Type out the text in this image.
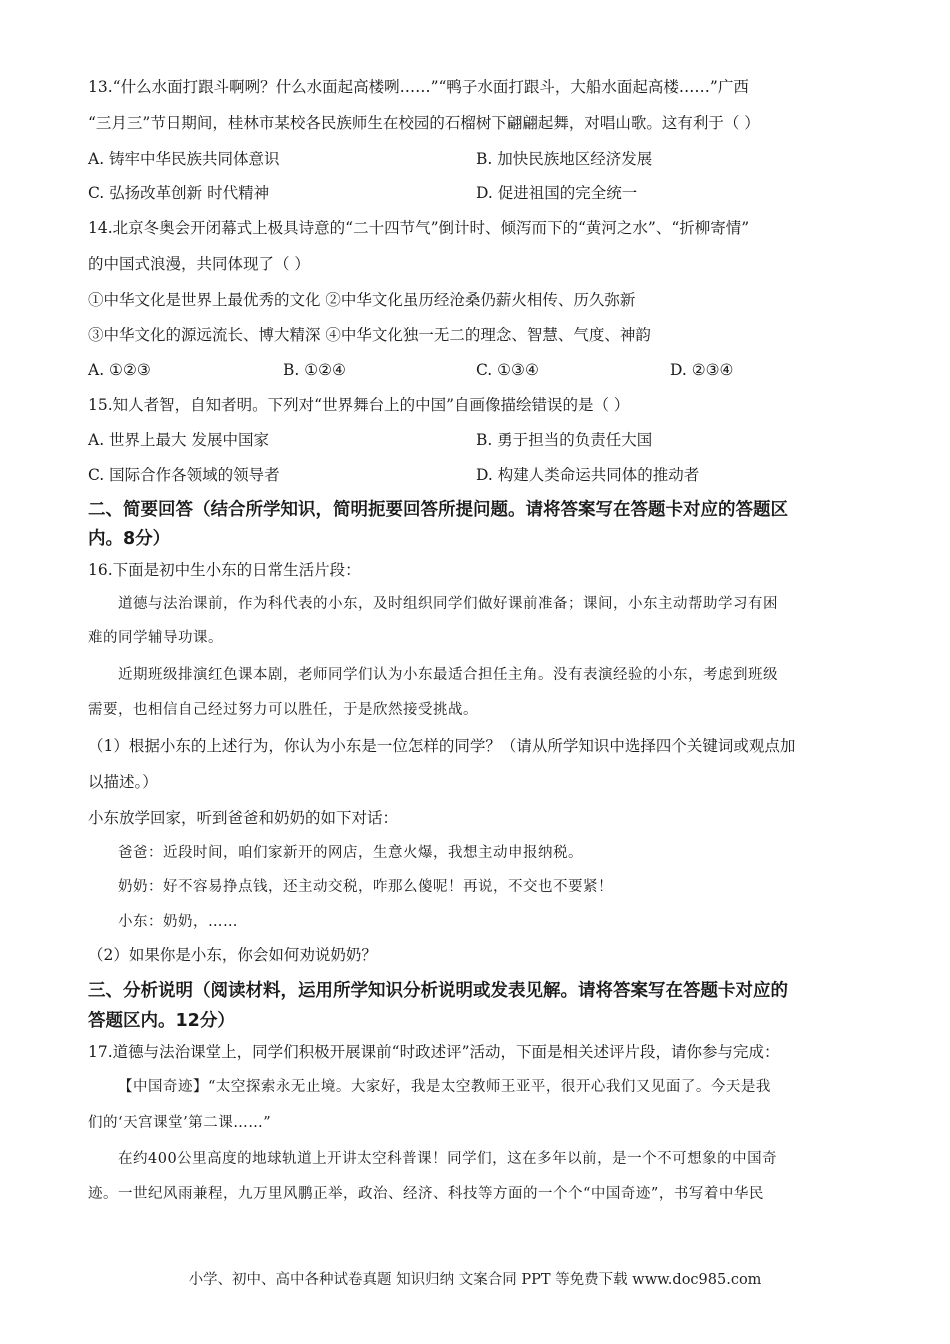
13.“什么水面打跟斗啊咧？什么水面起高楼咧……”“鸭子水面打跟斗，大船水面起高楼……”广西
“三月三”节日期间，桂林市某校各民族师生在校园的石榴树下翩翩起舞，对唱山歌。这有利于（ ）
A. 铸牢中华民族共同体意识	B. 加快民族地区经济发展
C. 弘扬改革创新 时代精神	D. 促进祖国的完全统一
14.北京冬奥会开闭幕式上极具诗意的“二十四节气”倒计时、倾泻而下的“黄河之水”、“折柳寄情”
的中国式浪漫，共同体现了（ ）
①中华文化是世界上最优秀的文化 ②中华文化虽历经沧桑仍薪火相传、历久弥新
③中华文化的源远流长、博大精深 ④中华文化独一无二的理念、智慧、气度、神韵
A. ①②③	B. ①②④	C. ①③④	D. ②③④
15.知人者智，自知者明。下列对“世界舞台上的中国”自画像描绘错误的是（ ）
A. 世界上最大 发展中国家	B. 勇于担当的负责任大国
C. 国际合作各领域的领导者	D. 构建人类命运共同体的推动者
二、简要回答（结合所学知识，简明扼要回答所提问题。请将答案写在答题卡对应的答题区
内。8分）
16.下面是初中生小东的日常生活片段：
道德与法治课前，作为科代表的小东，及时组织同学们做好课前准备；课间，小东主动帮助学习有困
难的同学辅导功课。
近期班级排演红色课本剧，老师同学们认为小东最适合担任主角。没有表演经验的小东，考虑到班级
需要，也相信自己经过努力可以胜任，于是欣然接受挑战。
（1）根据小东的上述行为，你认为小东是一位怎样的同学？（请从所学知识中选择四个关键词或观点加
以描述。）
小东放学回家，听到爸爸和奶奶的如下对话：
爸爸：近段时间，咱们家新开的网店，生意火爆，我想主动申报纳税。
奶奶：好不容易挣点钱，还主动交税，咋那么傻呢！再说，不交也不要紧！
小东：奶奶，……
（2）如果你是小东，你会如何劝说奶奶？
三、分析说明（阅读材料，运用所学知识分析说明或发表见解。请将答案写在答题卡对应的
答题区内。12分）
17.道德与法治课堂上，同学们积极开展课前“时政述评”活动，下面是相关述评片段，请你参与完成：
【中国奇迹】“太空探索永无止境。大家好，我是太空教师王亚平，很开心我们又见面了。今天是我
们的‘天宫课堂’第二课……”
在约400公里高度的地球轨道上开讲太空科普课！同学们，这在多年以前，是一个不可想象的中国奇
迹。一世纪风雨兼程，九万里风鹏正举，政治、经济、科技等方面的一个个“中国奇迹”，书写着中华民
小学、初中、高中各种试卷真题 知识归纳 文案合同 PPT 等免费下载 www.doc985.com
